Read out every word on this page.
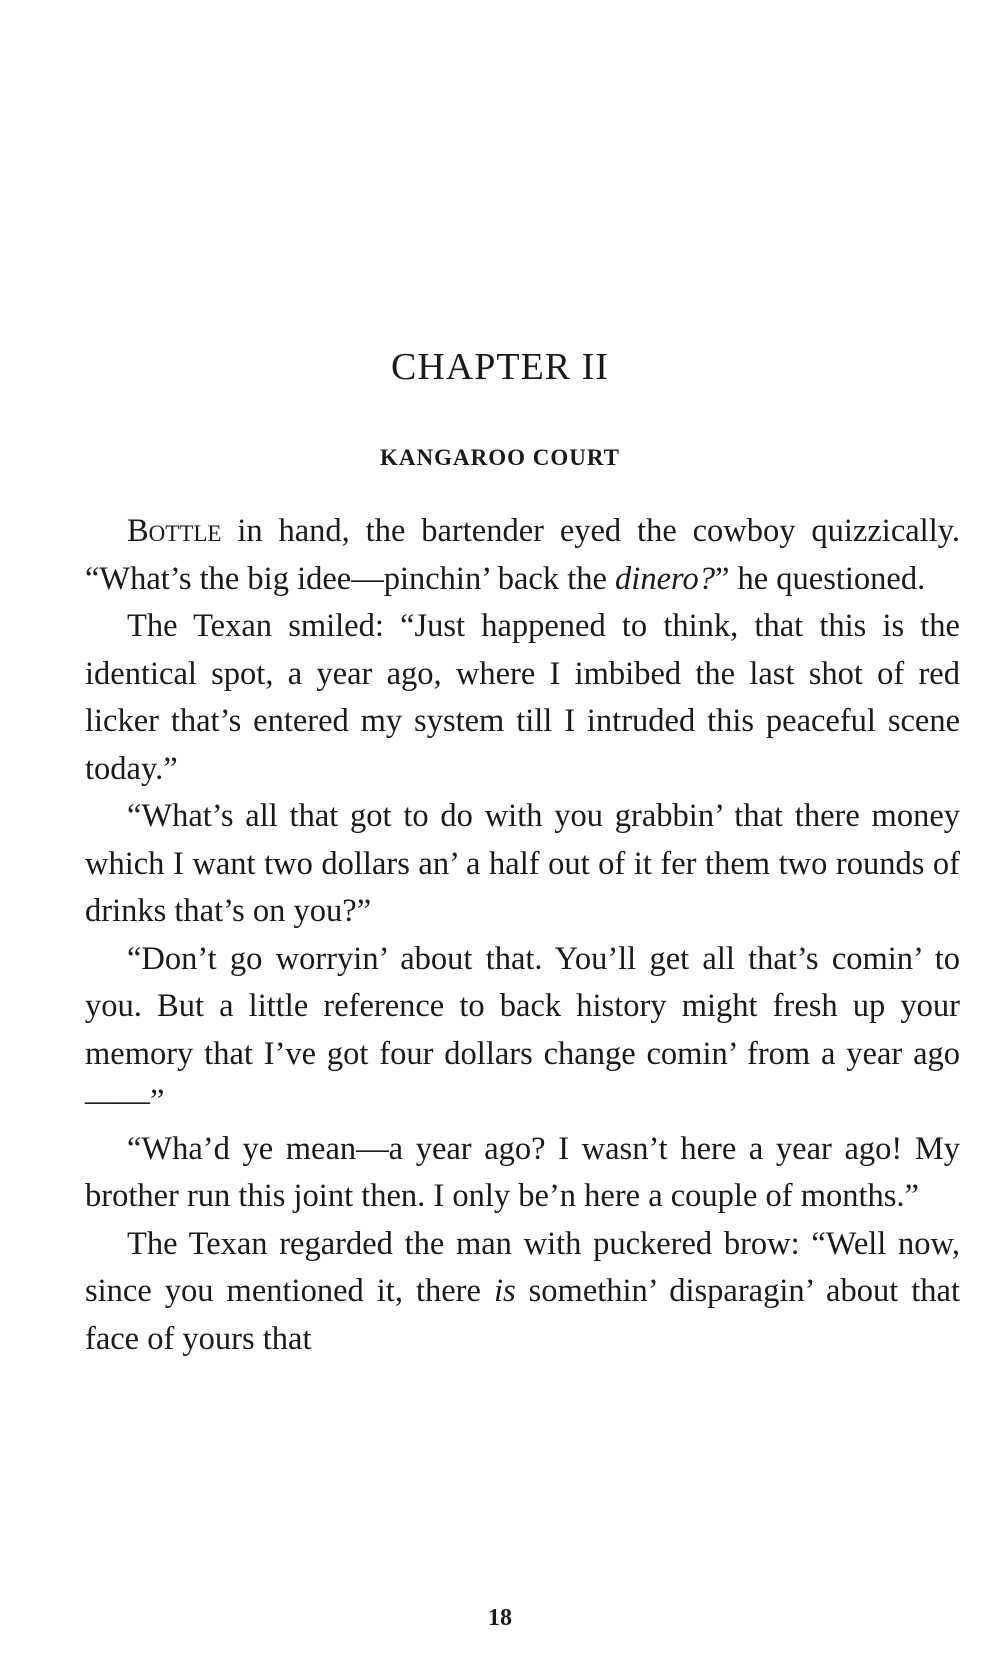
CHAPTER II
KANGAROO COURT

Bottle in hand, the bartender eyed the cowboy quizzically. “What’s the big idee—pinchin’ back the dinero?” he questioned.

The Texan smiled: “Just happened to think, that this is the identical spot, a year ago, where I imbibed the last shot of red licker that’s entered my system till I intruded this peaceful scene today.”

“What’s all that got to do with you grabbin’ that there money which I want two dollars an’ a half out of it fer them two rounds of drinks that’s on you?”

“Don’t go worryin’ about that. You’ll get all that’s comin’ to you. But a little reference to back history might fresh up your memory that I’ve got four dollars change comin’ from a year ago——”

“Wha’d ye mean—a year ago? I wasn’t here a year ago! My brother run this joint then. I only be’n here a couple of months.”

The Texan regarded the man with puckered brow: “Well now, since you mentioned it, there is somethin’ disparagin’ about that face of yours that

18
